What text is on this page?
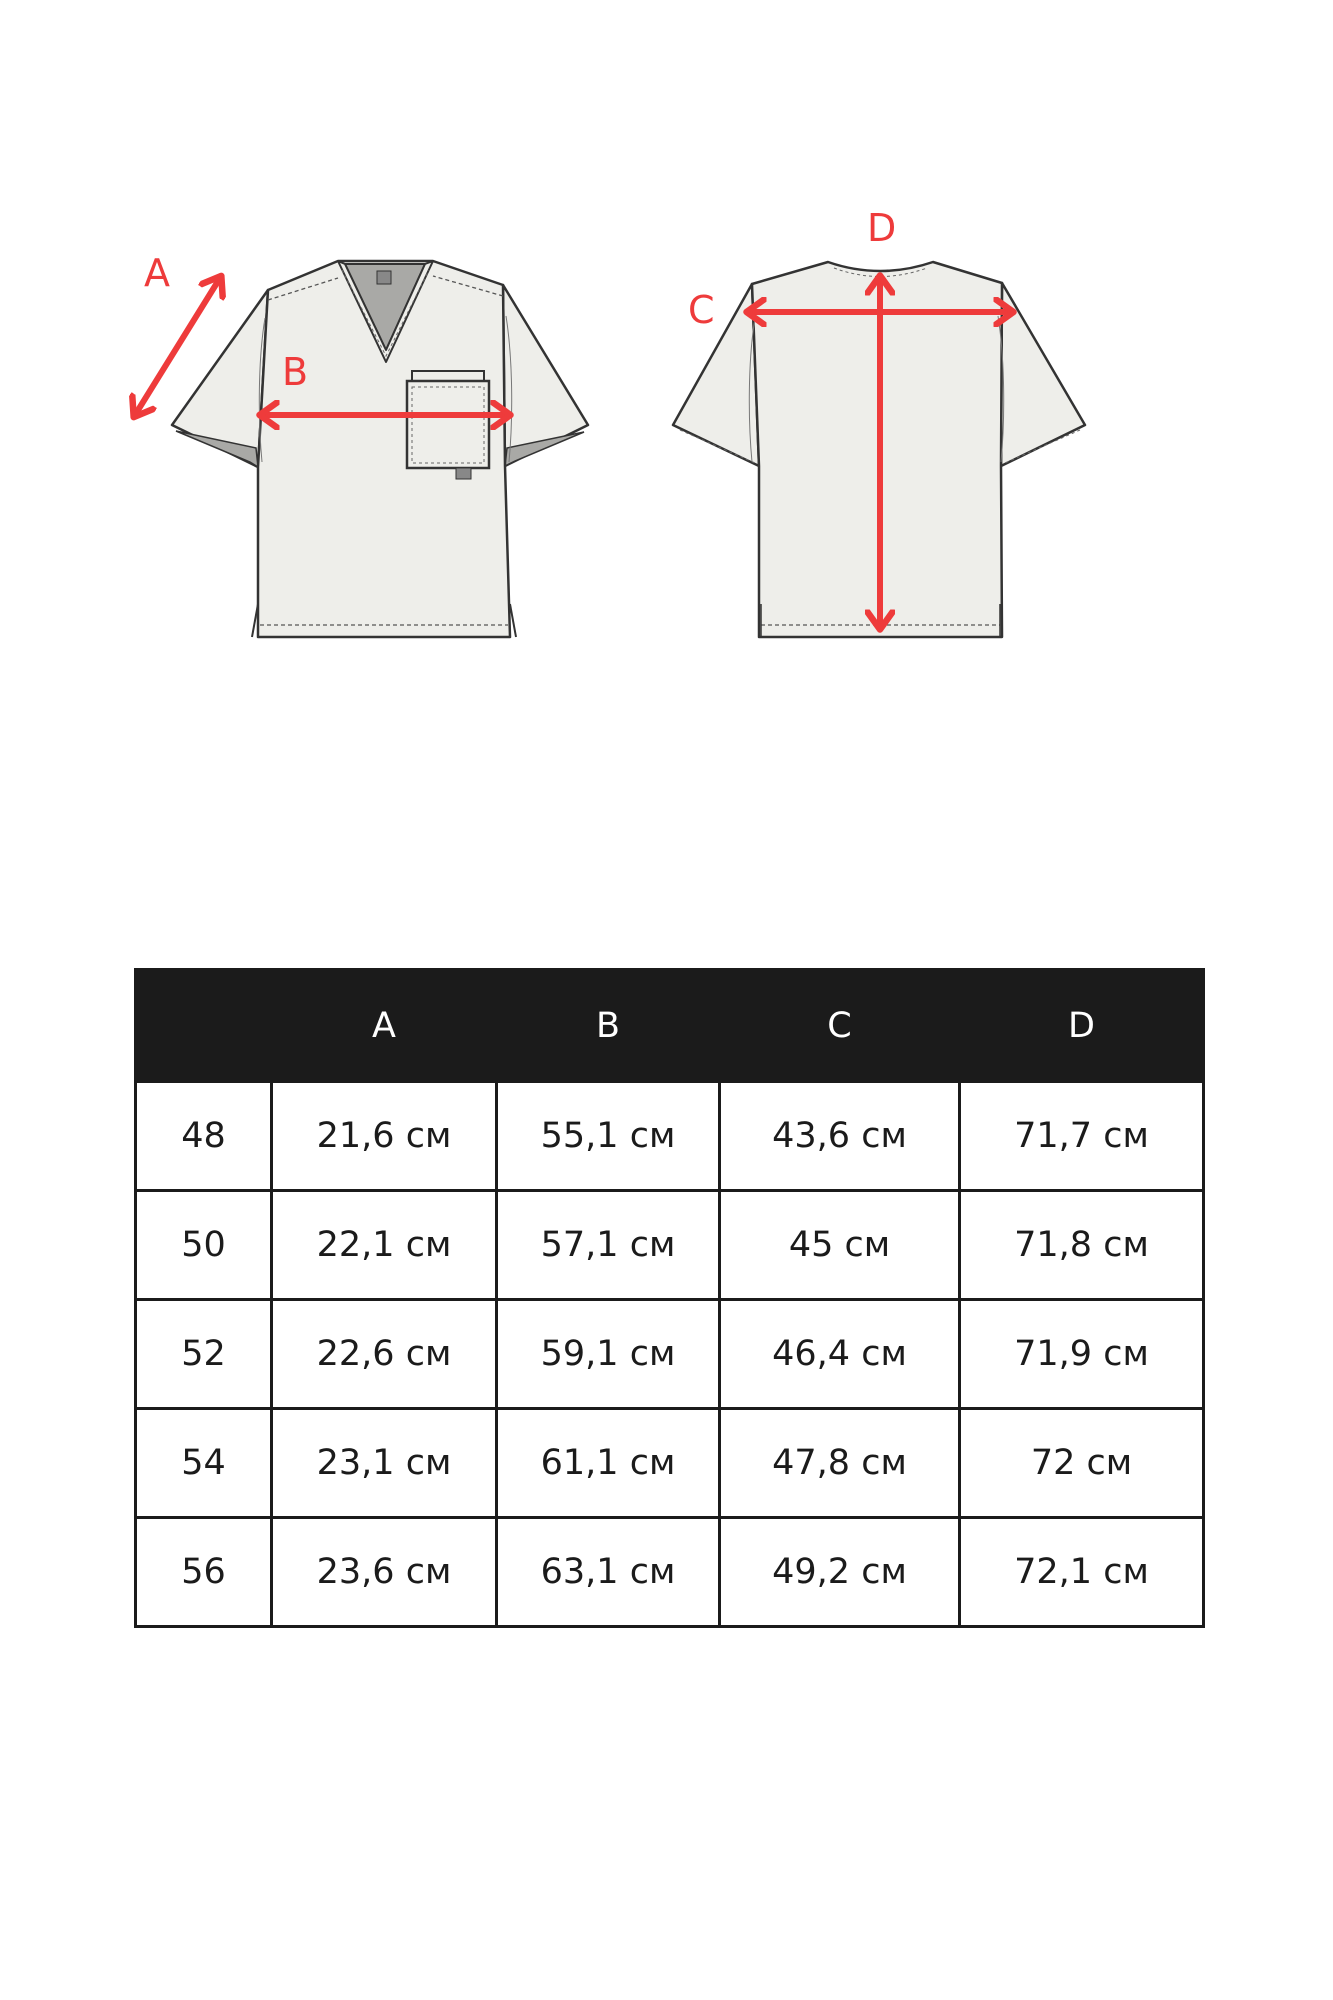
A
B
C
D
	A	B	C	D
48	21,6 см	55,1 см	43,6 см	71,7 см
50	22,1 см	57,1 см	45 см	71,8 см
52	22,6 см	59,1 см	46,4 см	71,9 см
54	23,1 см	61,1 см	47,8 см	72 см
56	23,6 см	63,1 см	49,2 см	72,1 см
